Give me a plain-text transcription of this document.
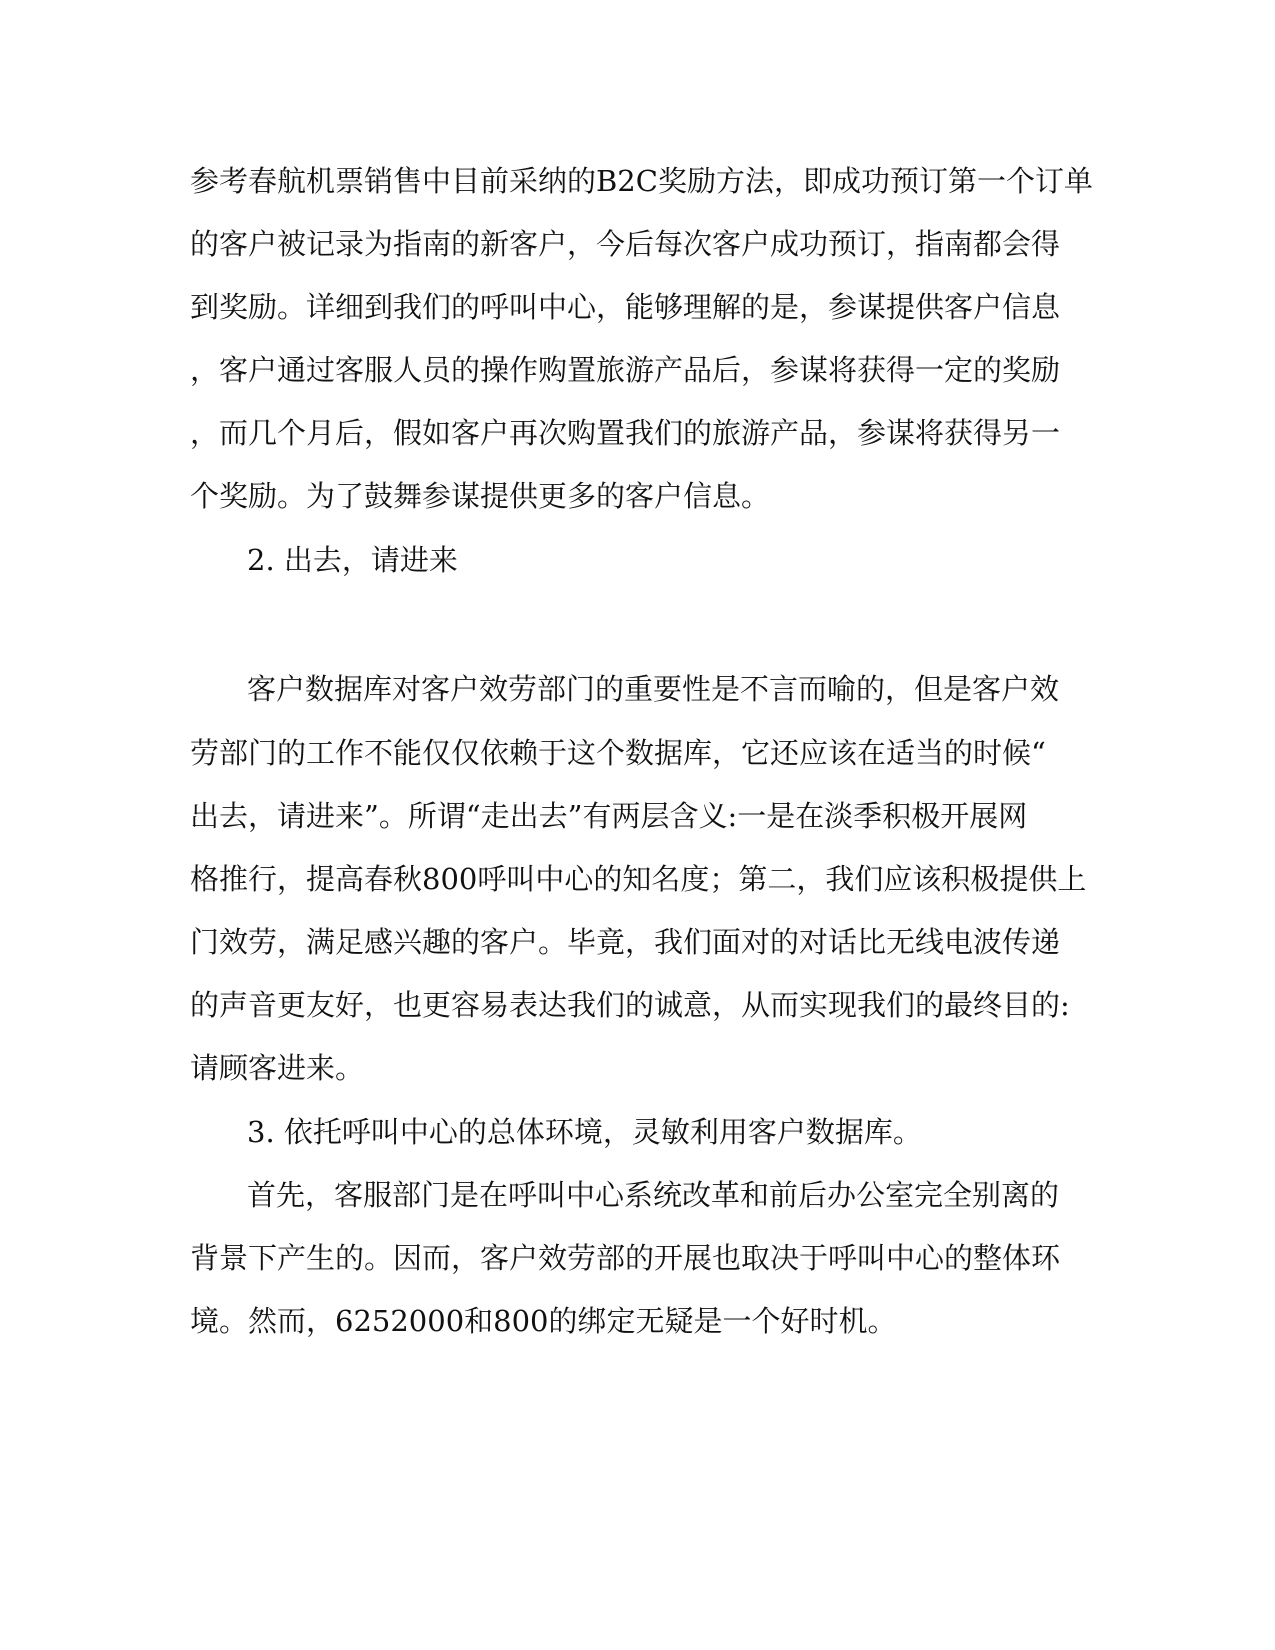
参考春航机票销售中目前采纳的B2C奖励方法，即成功预订第一个订单
的客户被记录为指南的新客户，今后每次客户成功预订，指南都会得
到奖励。详细到我们的呼叫中心，能够理解的是，参谋提供客户信息
，客户通过客服人员的操作购置旅游产品后，参谋将获得一定的奖励
，而几个月后，假如客户再次购置我们的旅游产品，参谋将获得另一
个奖励。为了鼓舞参谋提供更多的客户信息。
2. 出去，请进来
客户数据库对客户效劳部门的重要性是不言而喻的，但是客户效
劳部门的工作不能仅仅依赖于这个数据库，它还应该在适当的时候“
出去，请进来”。所谓“走出去”有两层含义:一是在淡季积极开展网
格推行，提高春秋800呼叫中心的知名度；第二，我们应该积极提供上
门效劳，满足感兴趣的客户。毕竟，我们面对的对话比无线电波传递
的声音更友好，也更容易表达我们的诚意，从而实现我们的最终目的:
请顾客进来。
3. 依托呼叫中心的总体环境，灵敏利用客户数据库。
首先，客服部门是在呼叫中心系统改革和前后办公室完全别离的
背景下产生的。因而，客户效劳部的开展也取决于呼叫中心的整体环
境。然而，6252000和800的绑定无疑是一个好时机。
